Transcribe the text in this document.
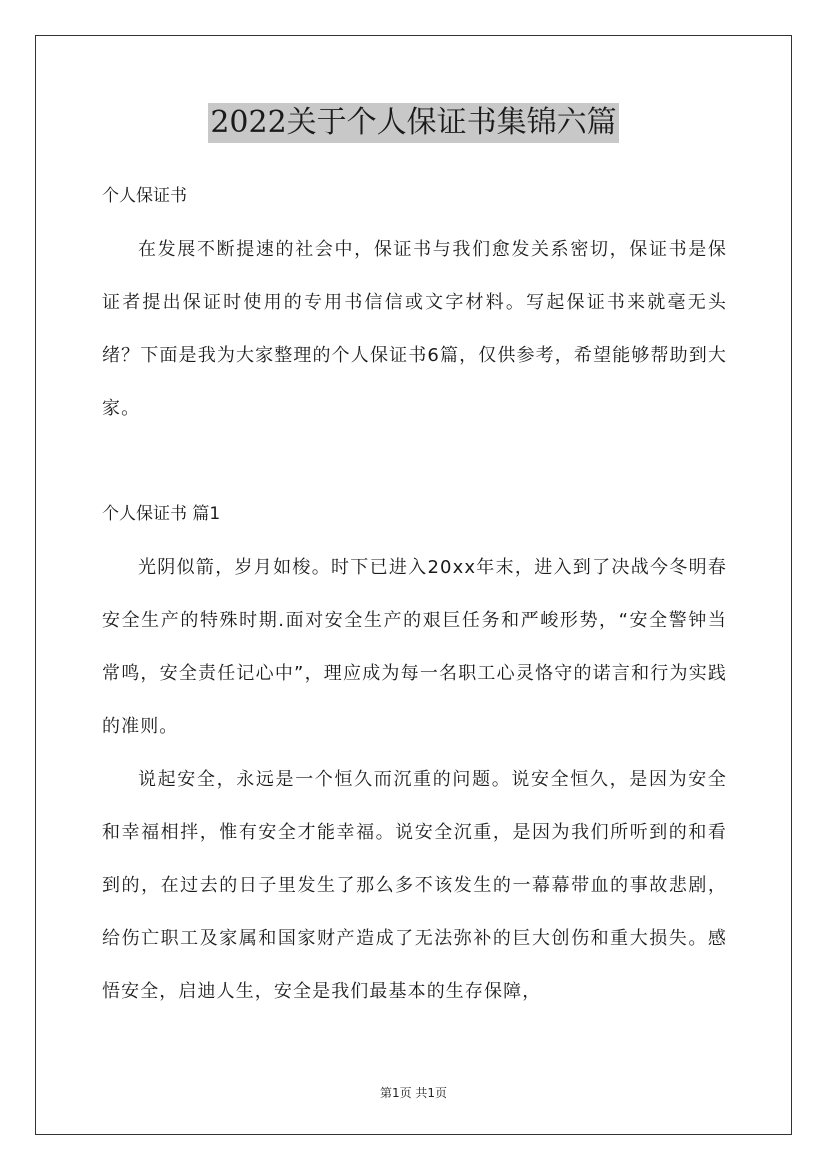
2022关于个人保证书集锦六篇

个人保证书

在发展不断提速的社会中，保证书与我们愈发关系密切，保证书是保证者提出保证时使用的专用书信信或文字材料。写起保证书来就毫无头绪？下面是我为大家整理的个人保证书6篇，仅供参考，希望能够帮助到大家。

个人保证书 篇1

光阴似箭，岁月如梭。时下已进入20xx年末，进入到了决战今冬明春安全生产的特殊时期.面对安全生产的艰巨任务和严峻形势，“安全警钟当常鸣，安全责任记心中”，理应成为每一名职工心灵恪守的诺言和行为实践的准则。

说起安全，永远是一个恒久而沉重的问题。说安全恒久，是因为安全和幸福相拌，惟有安全才能幸福。说安全沉重，是因为我们所听到的和看到的，在过去的日子里发生了那么多不该发生的一幕幕带血的事故悲剧，给伤亡职工及家属和国家财产造成了无法弥补的巨大创伤和重大损失。感悟安全，启迪人生，安全是我们最基本的生存保障，

第1页 共1页
